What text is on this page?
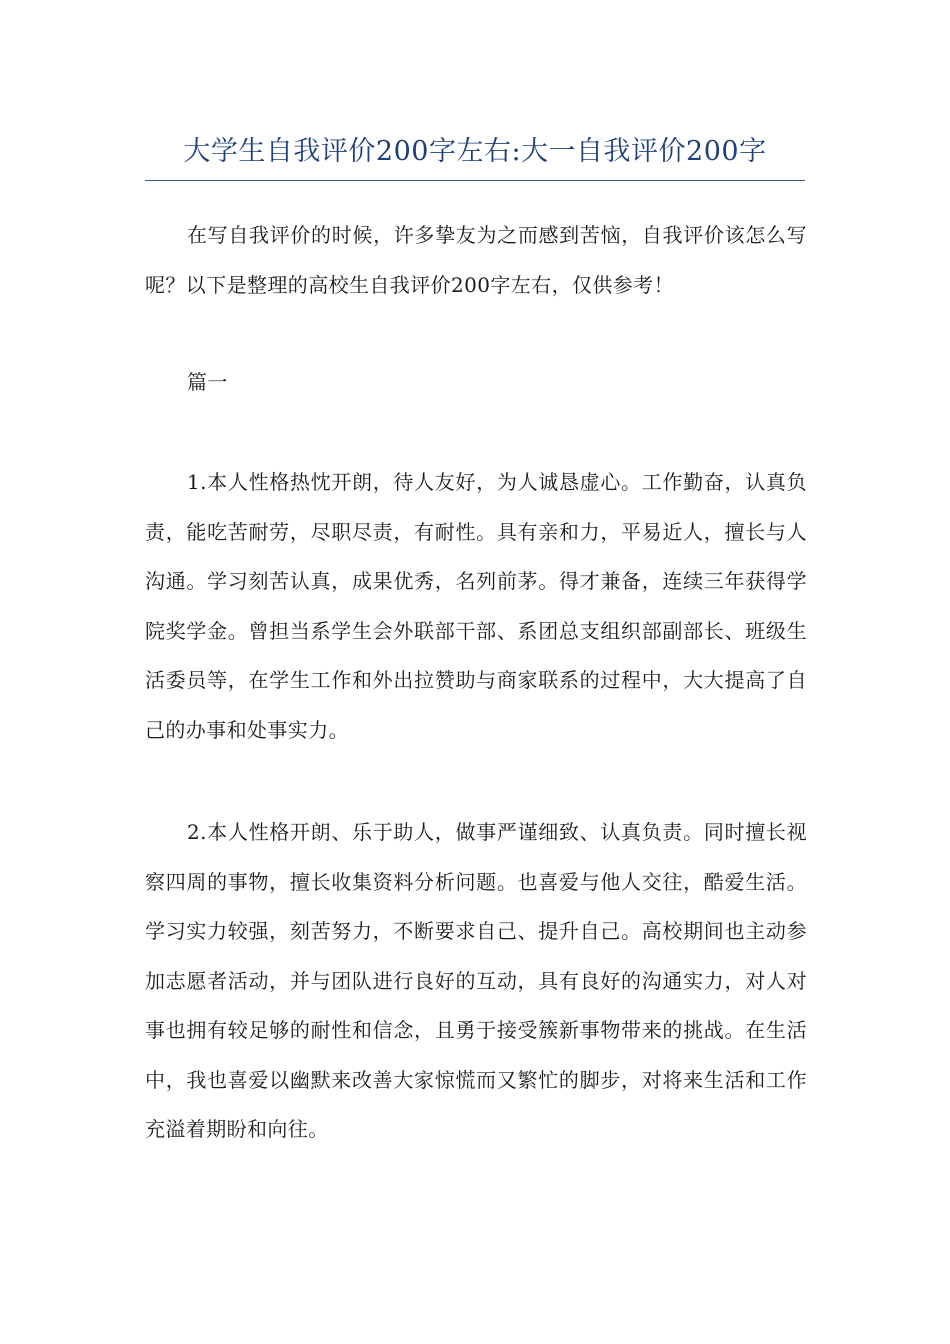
大学生自我评价200字左右:大一自我评价200字

在写自我评价的时候，许多挚友为之而感到苦恼，自我评价该怎么写呢？以下是整理的高校生自我评价200字左右，仅供参考！

篇一

1.本人性格热忱开朗，待人友好，为人诚恳虚心。工作勤奋，认真负责，能吃苦耐劳，尽职尽责，有耐性。具有亲和力，平易近人，擅长与人沟通。学习刻苦认真，成果优秀，名列前茅。得才兼备，连续三年获得学院奖学金。曾担当系学生会外联部干部、系团总支组织部副部长、班级生活委员等，在学生工作和外出拉赞助与商家联系的过程中，大大提高了自己的办事和处事实力。

2.本人性格开朗、乐于助人，做事严谨细致、认真负责。同时擅长视察四周的事物，擅长收集资料分析问题。也喜爱与他人交往，酷爱生活。学习实力较强，刻苦努力，不断要求自己、提升自己。高校期间也主动参加志愿者活动，并与团队进行良好的互动，具有良好的沟通实力，对人对事也拥有较足够的耐性和信念，且勇于接受簇新事物带来的挑战。在生活中，我也喜爱以幽默来改善大家惊慌而又繁忙的脚步，对将来生活和工作充溢着期盼和向往。
